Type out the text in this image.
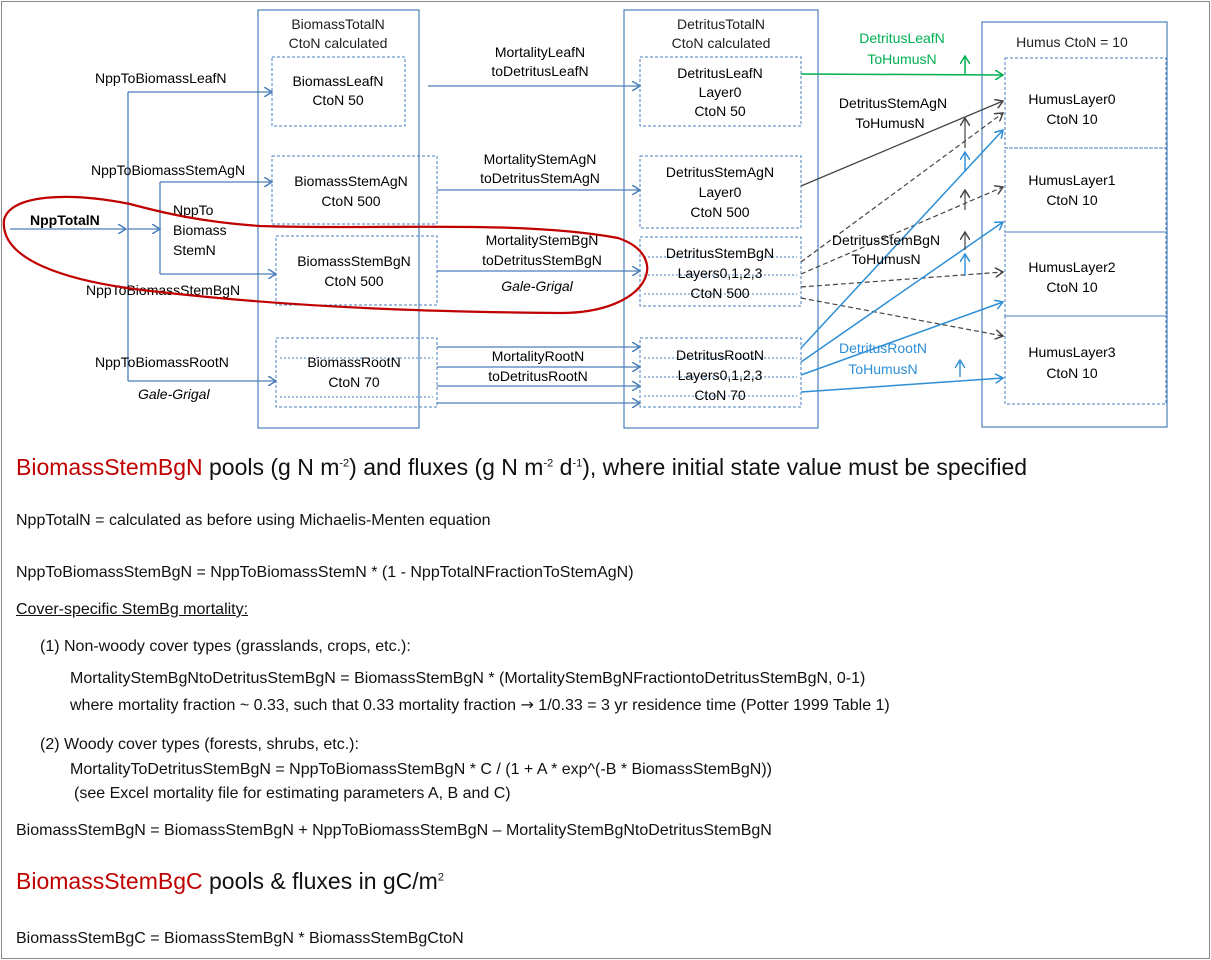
BiomassTotalN
CtoN calculated
DetritusTotalN
CtoN calculated	Humus CtoN = 10
BiomassLeafN
CtoN 50
BiomassStemAgN
CtoN 500
BiomassStemBgN
CtoN 500
BiomassRootN
CtoN 70
DetritusLeafN
Layer0
CtoN 50
DetritusStemAgN
Layer0
CtoN 500
DetritusStemBgN
Layers0,1,2,3
CtoN 500
DetritusRootN
Layers0,1,2,3
CtoN 70
HumusLayer0
CtoN 10
HumusLayer1
CtoN 10
HumusLayer2
CtoN 10
HumusLayer3
CtoN 10
NppTotalN
NppTo
Biomass
StemN
NppToBiomassLeafN
NppToBiomassStemAgN
NppToBiomassStemBgN
NppToBiomassRootN
Gale-Grigal
MortalityLeafN
toDetritusLeafN
MortalityStemAgN
toDetritusStemAgN
MortalityStemBgN
toDetritusStemBgN
Gale-Grigal
MortalityRootN
toDetritusRootN
DetritusLeafN
ToHumusN
DetritusStemAgN
ToHumusN
DetritusStemBgN
ToHumusN
DetritusRootN
ToHumusN
BiomassStemBgN pools (g N $m^{-2}$) and fluxes (g N $m^{-2}$ $d^{-1}$), where initial state value must be specified
NppTotalN = calculated as before using Michaelis-Menten equation
NppToBiomassStemBgN = NppToBiomassStemN * (1 - NppTotalNFractionToStemAgN)
Cover-specific StemBg mortality:
(1) Non-woody cover types (grasslands, crops, etc.):
MortalityStemBgNtoDetritusStemBgN = BiomassStemBgN * (MortalityStemBgNFractiontoDetritusStemBgN, 0-1)
where mortality fraction ~ 0.33, such that 0.33 mortality fraction → 1/0.33 = 3 yr residence time (Potter 1999 Table 1)
(2) Woody cover types (forests, shrubs, etc.):
MortalityToDetritusStemBgN = NppToBiomassStemBgN * C / (1 + A * exp^(-B * BiomassStemBgN))
(see Excel mortality file for estimating parameters A, B and C)
BiomassStemBgN = BiomassStemBgN + NppToBiomassStemBgN – MortalityStemBgNtoDetritusStemBgN
BiomassStemBgC pools & fluxes in $gC/m^2$
BiomassStemBgC = BiomassStemBgN * BiomassStemBgCtoN
